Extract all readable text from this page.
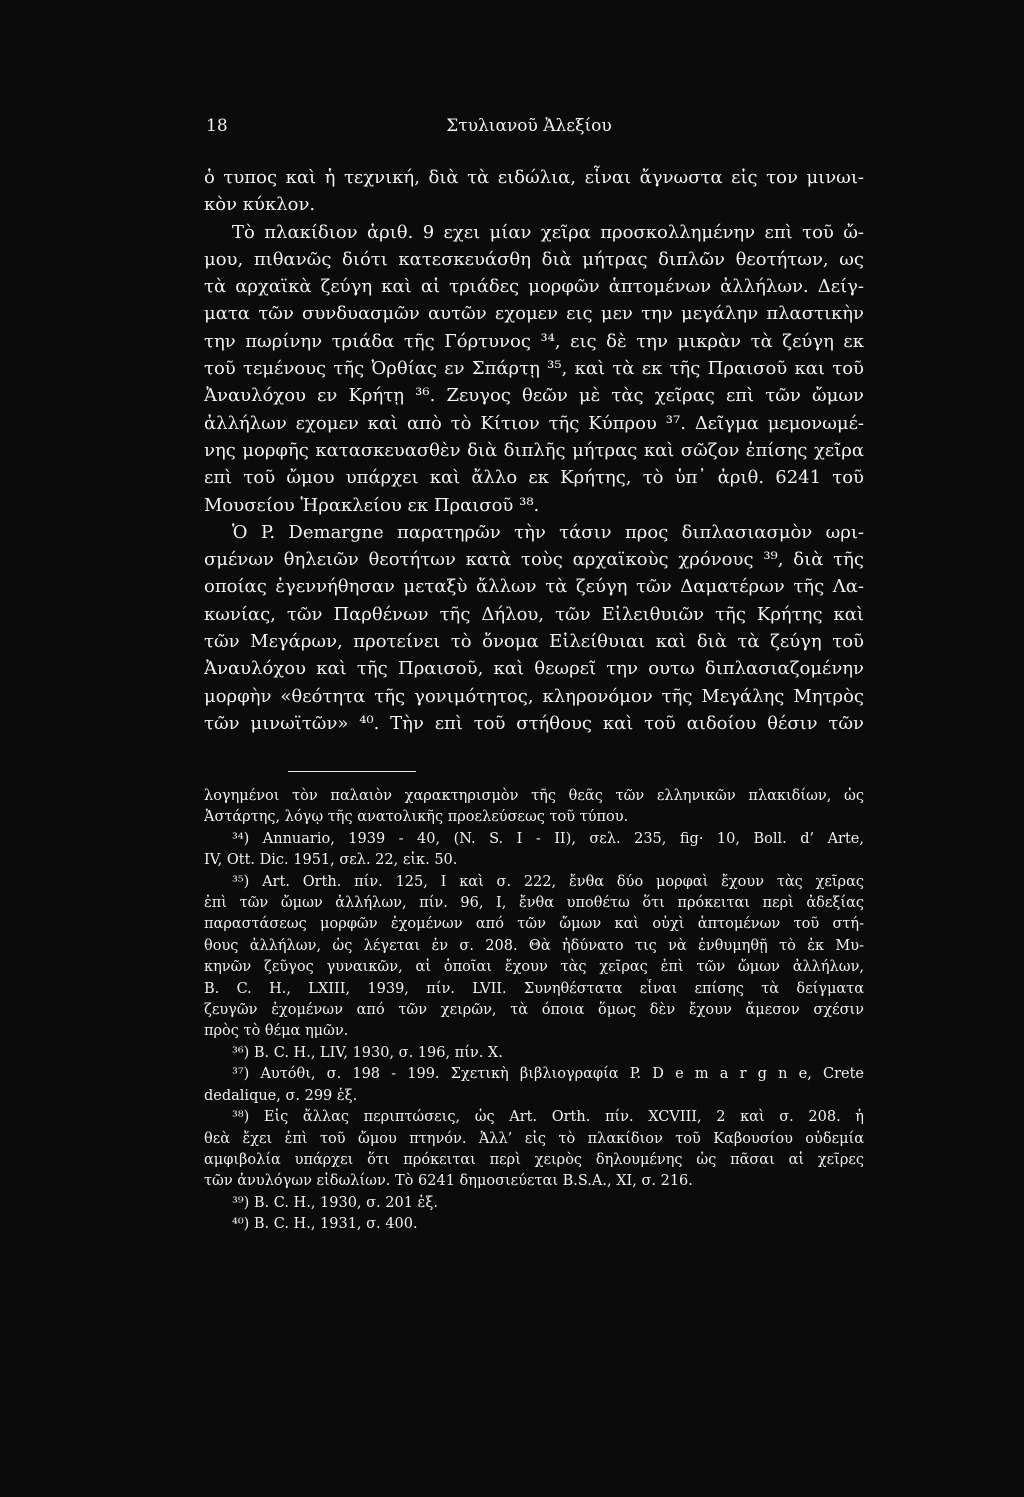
18	Στυλιανοῦ Ἀλεξίου
ὁ τυπος καὶ ἡ τεχνική, διὰ τὰ ειδώλια, εἶναι ἄγνωστα εἰς τον μινωι-
κὸν κύκλον.
Τὸ πλακίδιον ἀριθ. 9 εχει μίαν χεῖρα προσκολλημένην επὶ τοῦ ὤ-
μου, πιθανῶς διότι κατεσκευάσθη διὰ μήτρας διπλῶν θεοτήτων, ως
τὰ αρχαϊκὰ ζεύγη καὶ αἱ τριάδες μορφῶν ἁπτομένων ἀλλήλων. Δείγ-
ματα τῶν συνδυασμῶν αυτῶν εχομεν εις μεν την μεγάλην πλαστικὴν
την πωρίνην τριάδα τῆς Γόρτυνος ³⁴, εις δὲ την μικρὰν τὰ ζεύγη εκ
τοῦ τεμένους τῆς Ὀρθίας εν Σπάρτῃ ³⁵, καὶ τὰ εκ τῆς Πραισοῦ και τοῦ
Ἀναυλόχου εν Κρήτῃ ³⁶. Ζευγος θεῶν μὲ τὰς χεῖρας επὶ τῶν ὤμων
ἀλλήλων εχομεν καὶ απὸ τὸ Κίτιον τῆς Κύπρου ³⁷. Δεῖγμα μεμονωμέ-
νης μορφῆς κατασκευασθὲν διὰ διπλῆς μήτρας καὶ σῶζον ἐπίσης χεῖρα
επὶ τοῦ ὤμου υπάρχει καὶ ἄλλο εκ Κρήτης, τὸ ὑπ᾽ ἀριθ. 6241 τοῦ
Μουσείου Ἡρακλείου εκ Πραισοῦ ³⁸.
Ὁ P. Demargne παρατηρῶν τὴν τάσιν προς διπλασιασμὸν ωρι-
σμένων θηλειῶν θεοτήτων κατὰ τοὺς αρχαϊκοὺς χρόνους ³⁹, διὰ τῆς
οποίας ἐγεννήθησαν μεταξὺ ἄλλων τὰ ζεύγη τῶν Δαματέρων τῆς Λα-
κωνίας, τῶν Παρθένων τῆς Δήλου, τῶν Εἰλειθυιῶν τῆς Κρήτης καὶ
τῶν Μεγάρων, προτείνει τὸ ὄνομα Εἰλείθυιαι καὶ διὰ τὰ ζεύγη τοῦ
Ἀναυλόχου καὶ τῆς Πραισοῦ, καὶ θεωρεῖ την ουτω διπλασιαζομένην
μορφὴν «θεότητα τῆς γονιμότητος, κληρονόμον τῆς Μεγάλης Μητρὸς
τῶν μινωϊτῶν» ⁴⁰. Τὴν επὶ τοῦ στήθους καὶ τοῦ αιδοίου θέσιν τῶν
λογημένοι τὸν παλαιὸν χαρακτηρισμὸν τῆς θεᾶς τῶν ελληνικῶν πλακιδίων, ὡς
Ἀστάρτης, λόγῳ τῆς ανατολικῆς προελεύσεως τοῦ τύπου.
³⁴) Annuario, 1939 - 40, (N. S. I - II), σελ. 235, fig· 10, Boll. d’ Arte,
IV, Ott. Dic. 1951, σελ. 22, εἰκ. 50.
³⁵) Art. Orth. πίν. 125, I καὶ σ. 222, ἔνθα δύο μορφαὶ ἔχουν τὰς χεῖρας
ἐπὶ τῶν ὤμων ἀλλήλων, πίν. 96, I, ἔνθα υποθέτω ὅτι πρόκειται περὶ ἀδεξίας
παραστάσεως μορφῶν ἐχομένων από τῶν ὤμων καὶ οὐχὶ ἁπτομένων τοῦ στή-
θους ἀλλήλων, ὡς λέγεται ἐν σ. 208. Θὰ ἠδύνατο τις νὰ ἐνθυμηθῇ τὸ ἐκ Μυ-
κηνῶν ζεῦγος γυναικῶν, αἱ ὁποῖαι ἔχουν τὰς χεῖρας ἐπὶ τῶν ὤμων ἀλλήλων,
B. C. H., LXIII, 1939, πίν. LVII. Συνηθέστατα εἶναι επίσης τὰ δείγματα
ζευγῶν ἐχομένων από τῶν χειρῶν, τὰ όποια ὅμως δὲν ἔχουν ἄμεσον σχέσιν
πρὸς τὸ θέμα ημῶν.
³⁶) B. C. H., LIV, 1930, σ. 196, πίν. X.
³⁷) Αυτόθι, σ. 198 - 199. Σχετικὴ βιβλιογραφία P. D e m a r g n e, Crete
dedalique, σ. 299 ἑξ.
³⁸) Εἰς ἄλλας περιπτώσεις, ὡς Art. Orth. πίν. XCVIII, 2 καὶ σ. 208. ἡ
θεὰ ἔχει ἐπὶ τοῦ ὤμου πτηνόν. Ἀλλ’ εἰς τὸ πλακίδιον τοῦ Καβουσίου οὐδεμία
αμφιβολία υπάρχει ὅτι πρόκειται περὶ χειρὸς δηλουμένης ὡς πᾶσαι αἱ χεῖρες
τῶν ἀνυλόγων εἰδωλίων. Τὸ 6241 δημοσιεύεται B.S.A., XI, σ. 216.
³⁹) B. C. H., 1930, σ. 201 ἑξ.
⁴⁰) B. C. H., 1931, σ. 400.
